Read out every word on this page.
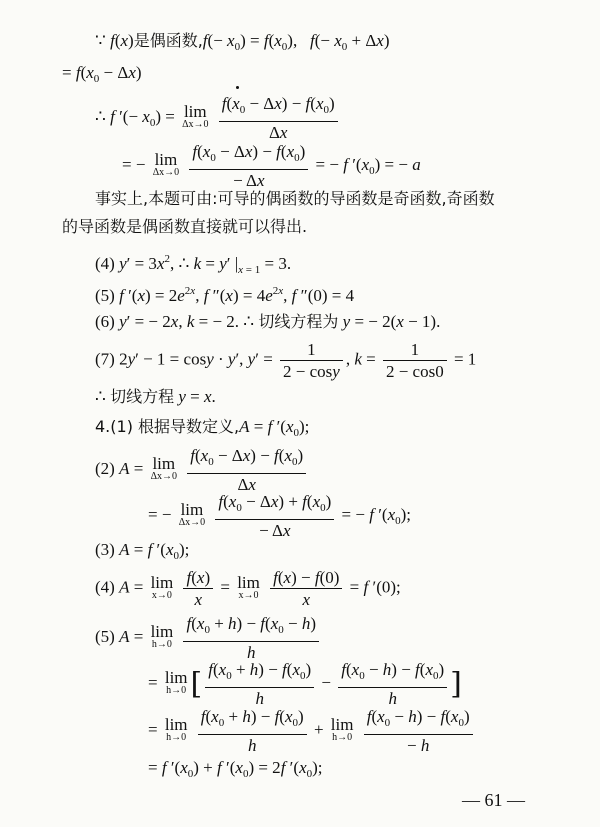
∵ f(x)是偶函数$,f(- x_0) = f(x_0)$,   $f(- x_0 + \Delta x)$
= $f(x_0 - \Delta x)$
∴ f ′(− $x_0) = \lim$
Δx→0
$\frac{f(x_0 - \Delta x) - f(x_0)}{\Delta x}$
= − lim
Δx→0
$\frac{f(x_0 - \Delta x) - f(x_0)}{- \Delta x}$ = − f $'(x_0)$ = − a
事实上,本题可由:可导的偶函数的导函数是奇函数,奇函数
的导函数是偶函数直接就可以得出.
(4) $y' = 3x^2$, ∴ k = y′ $|_{x = 1} = 3$.
(5) f $'(x) = 2e^{2x}$, f $''(x) = 4e^{2x}$, f ″(0) = 4
(6) y′ = − 2x, k = − 2. ∴ 切线方程为 y = − 2(x − 1).
(7) 2y′ − 1 = cosy · y′, $y' = \frac{1}{2 - \cos y}$ , $k = \frac{1}{2 - \cos 0} = 1$
∴ 切线方程 y = x.
4.(1) 根据导数定义,A = f $'(x_0)$;
(2) A = lim
Δx→0
$\frac{f(x_0 - \Delta x) - f(x_0)}{\Delta x}$
= − lim
Δx→0
$\frac{f(x_0 - \Delta x) + f(x_0)}{- \Delta x}$ = − f $'(x_0)$;
(3) A = f $'(x_0)$;
(4) A = lim
x→0
$\frac{f(x)}{x} = \lim$
x→0
$\frac{f(x) - f(0)}{x} = f$ ′(0);
(5) A = lim
h→0
$\frac{f(x_0 + h) - f(x_0 - h)}{h}$
= lim
h→0 [ $\frac{f(x_0 + h) - f(x_0)}{h} - \frac{f(x_0 - h) - f(x_0)}{h}$ ]
= lim
h→0
$\frac{f(x_0 + h) - f(x_0)}{h} + \lim$
h→0
$\frac{f(x_0 - h) - f(x_0)}{- h}$
= f $'(x_0) + f$ $'(x_0) = 2f$ $'(x_0)$;
— 61 —
